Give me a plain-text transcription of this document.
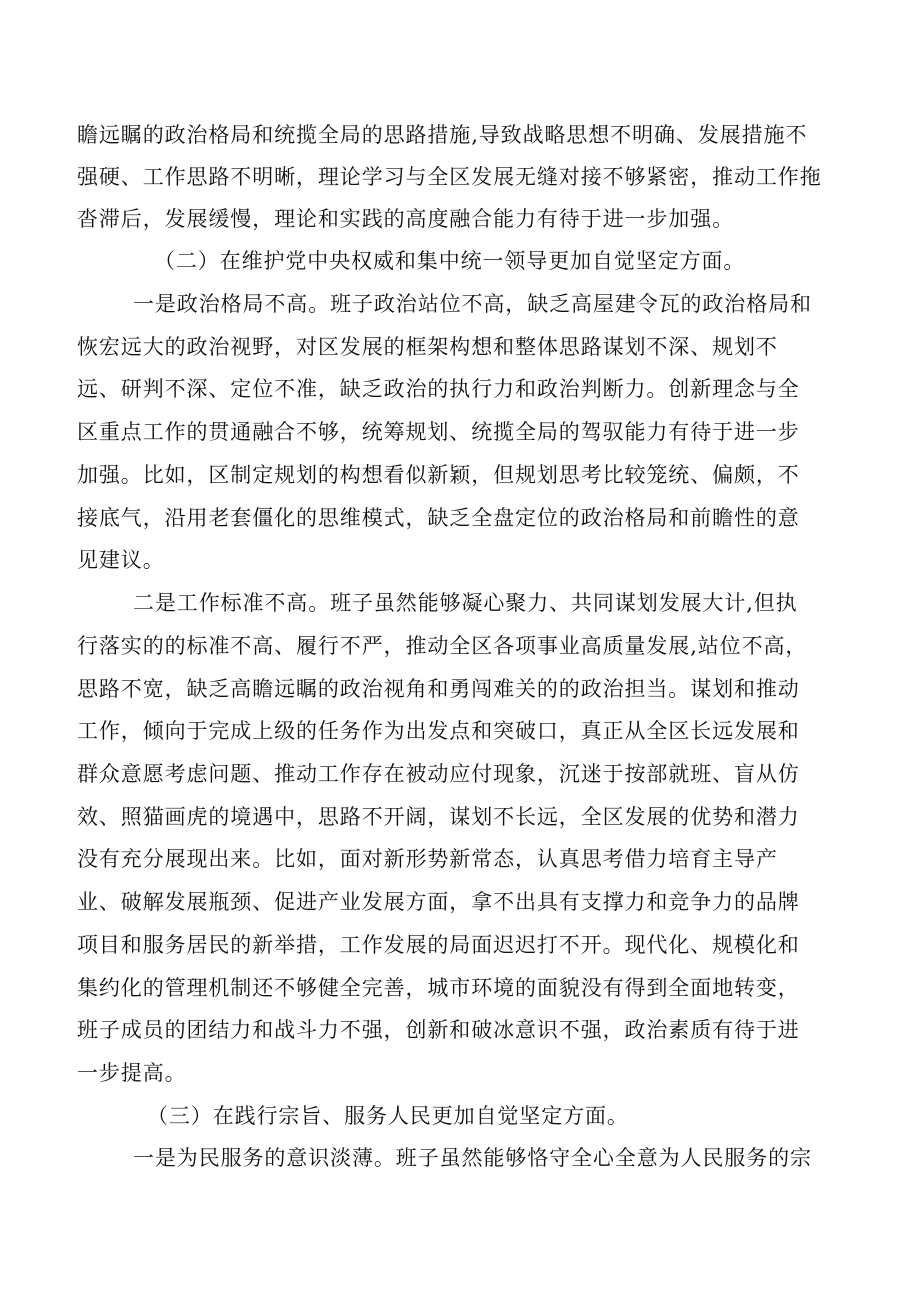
瞻远瞩的政治格局和统揽全局的思路措施,导致战略思想不明确、发展措施不
强硬、工作思路不明晰，理论学习与全区发展无缝对接不够紧密，推动工作拖
沓滞后，发展缓慢，理论和实践的高度融合能力有待于进一步加强。
（二）在维护党中央权威和集中统一领导更加自觉坚定方面。
一是政治格局不高。班子政治站位不高，缺乏高屋建令瓦的政治格局和
恢宏远大的政治视野，对区发展的框架构想和整体思路谋划不深、规划不
远、研判不深、定位不准，缺乏政治的执行力和政治判断力。创新理念与全
区重点工作的贯通融合不够，统筹规划、统揽全局的驾驭能力有待于进一步
加强。比如，区制定规划的构想看似新颖，但规划思考比较笼统、偏颇，不
接底气，沿用老套僵化的思维模式，缺乏全盘定位的政治格局和前瞻性的意
见建议。
二是工作标准不高。班子虽然能够凝心聚力、共同谋划发展大计,但执
行落实的的标准不高、履行不严，推动全区各项事业高质量发展,站位不高，
思路不宽，缺乏高瞻远瞩的政治视角和勇闯难关的的政治担当。谋划和推动
工作，倾向于完成上级的任务作为出发点和突破口，真正从全区长远发展和
群众意愿考虑问题、推动工作存在被动应付现象，沉迷于按部就班、盲从仿
效、照猫画虎的境遇中，思路不开阔，谋划不长远，全区发展的优势和潜力
没有充分展现出来。比如，面对新形势新常态，认真思考借力培育主导产
业、破解发展瓶颈、促进产业发展方面，拿不出具有支撑力和竞争力的品牌
项目和服务居民的新举措，工作发展的局面迟迟打不开。现代化、规模化和
集约化的管理机制还不够健全完善，城市环境的面貌没有得到全面地转变，
班子成员的团结力和战斗力不强，创新和破冰意识不强，政治素质有待于进
一步提高。
（三）在践行宗旨、服务人民更加自觉坚定方面。
一是为民服务的意识淡薄。班子虽然能够恪守全心全意为人民服务的宗
